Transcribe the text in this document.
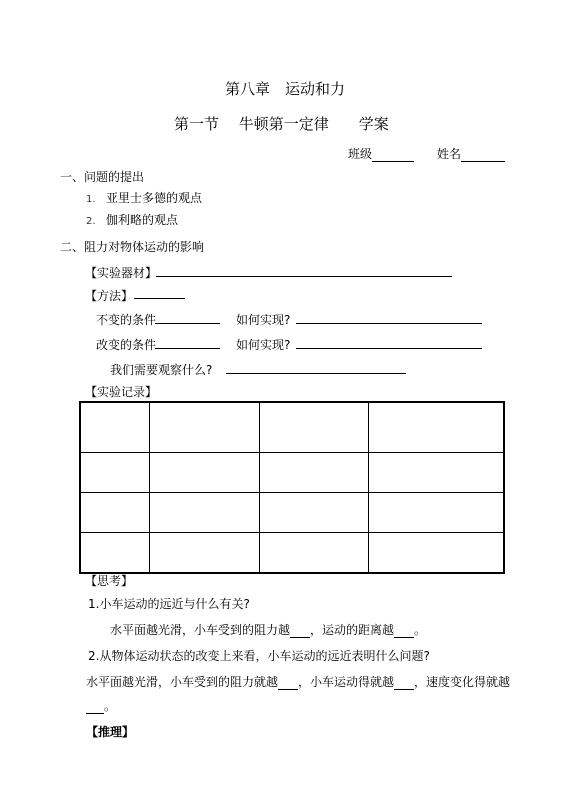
第八章　运动和力
第一节　 牛顿第一定律　　学案
班级	姓名
一、问题的提出
1. 亚里士多德的观点
2. 伽利略的观点
二、阻力对物体运动的影响
【实验器材】
【方法】
不变的条件	如何实现?
改变的条件	如何实现?
我们需要观察什么?
【实验记录】

【思考】
1.小车运动的远近与什么有关?
水平面越光滑，小车受到的阻力越 ，运动的距离越 。
2.从物体运动状态的改变上来看，小车运动的远近表明什么问题?
水平面越光滑，小车受到的阻力就越 ，小车运动得就越 ，速度变化得就越
。
【推理】
